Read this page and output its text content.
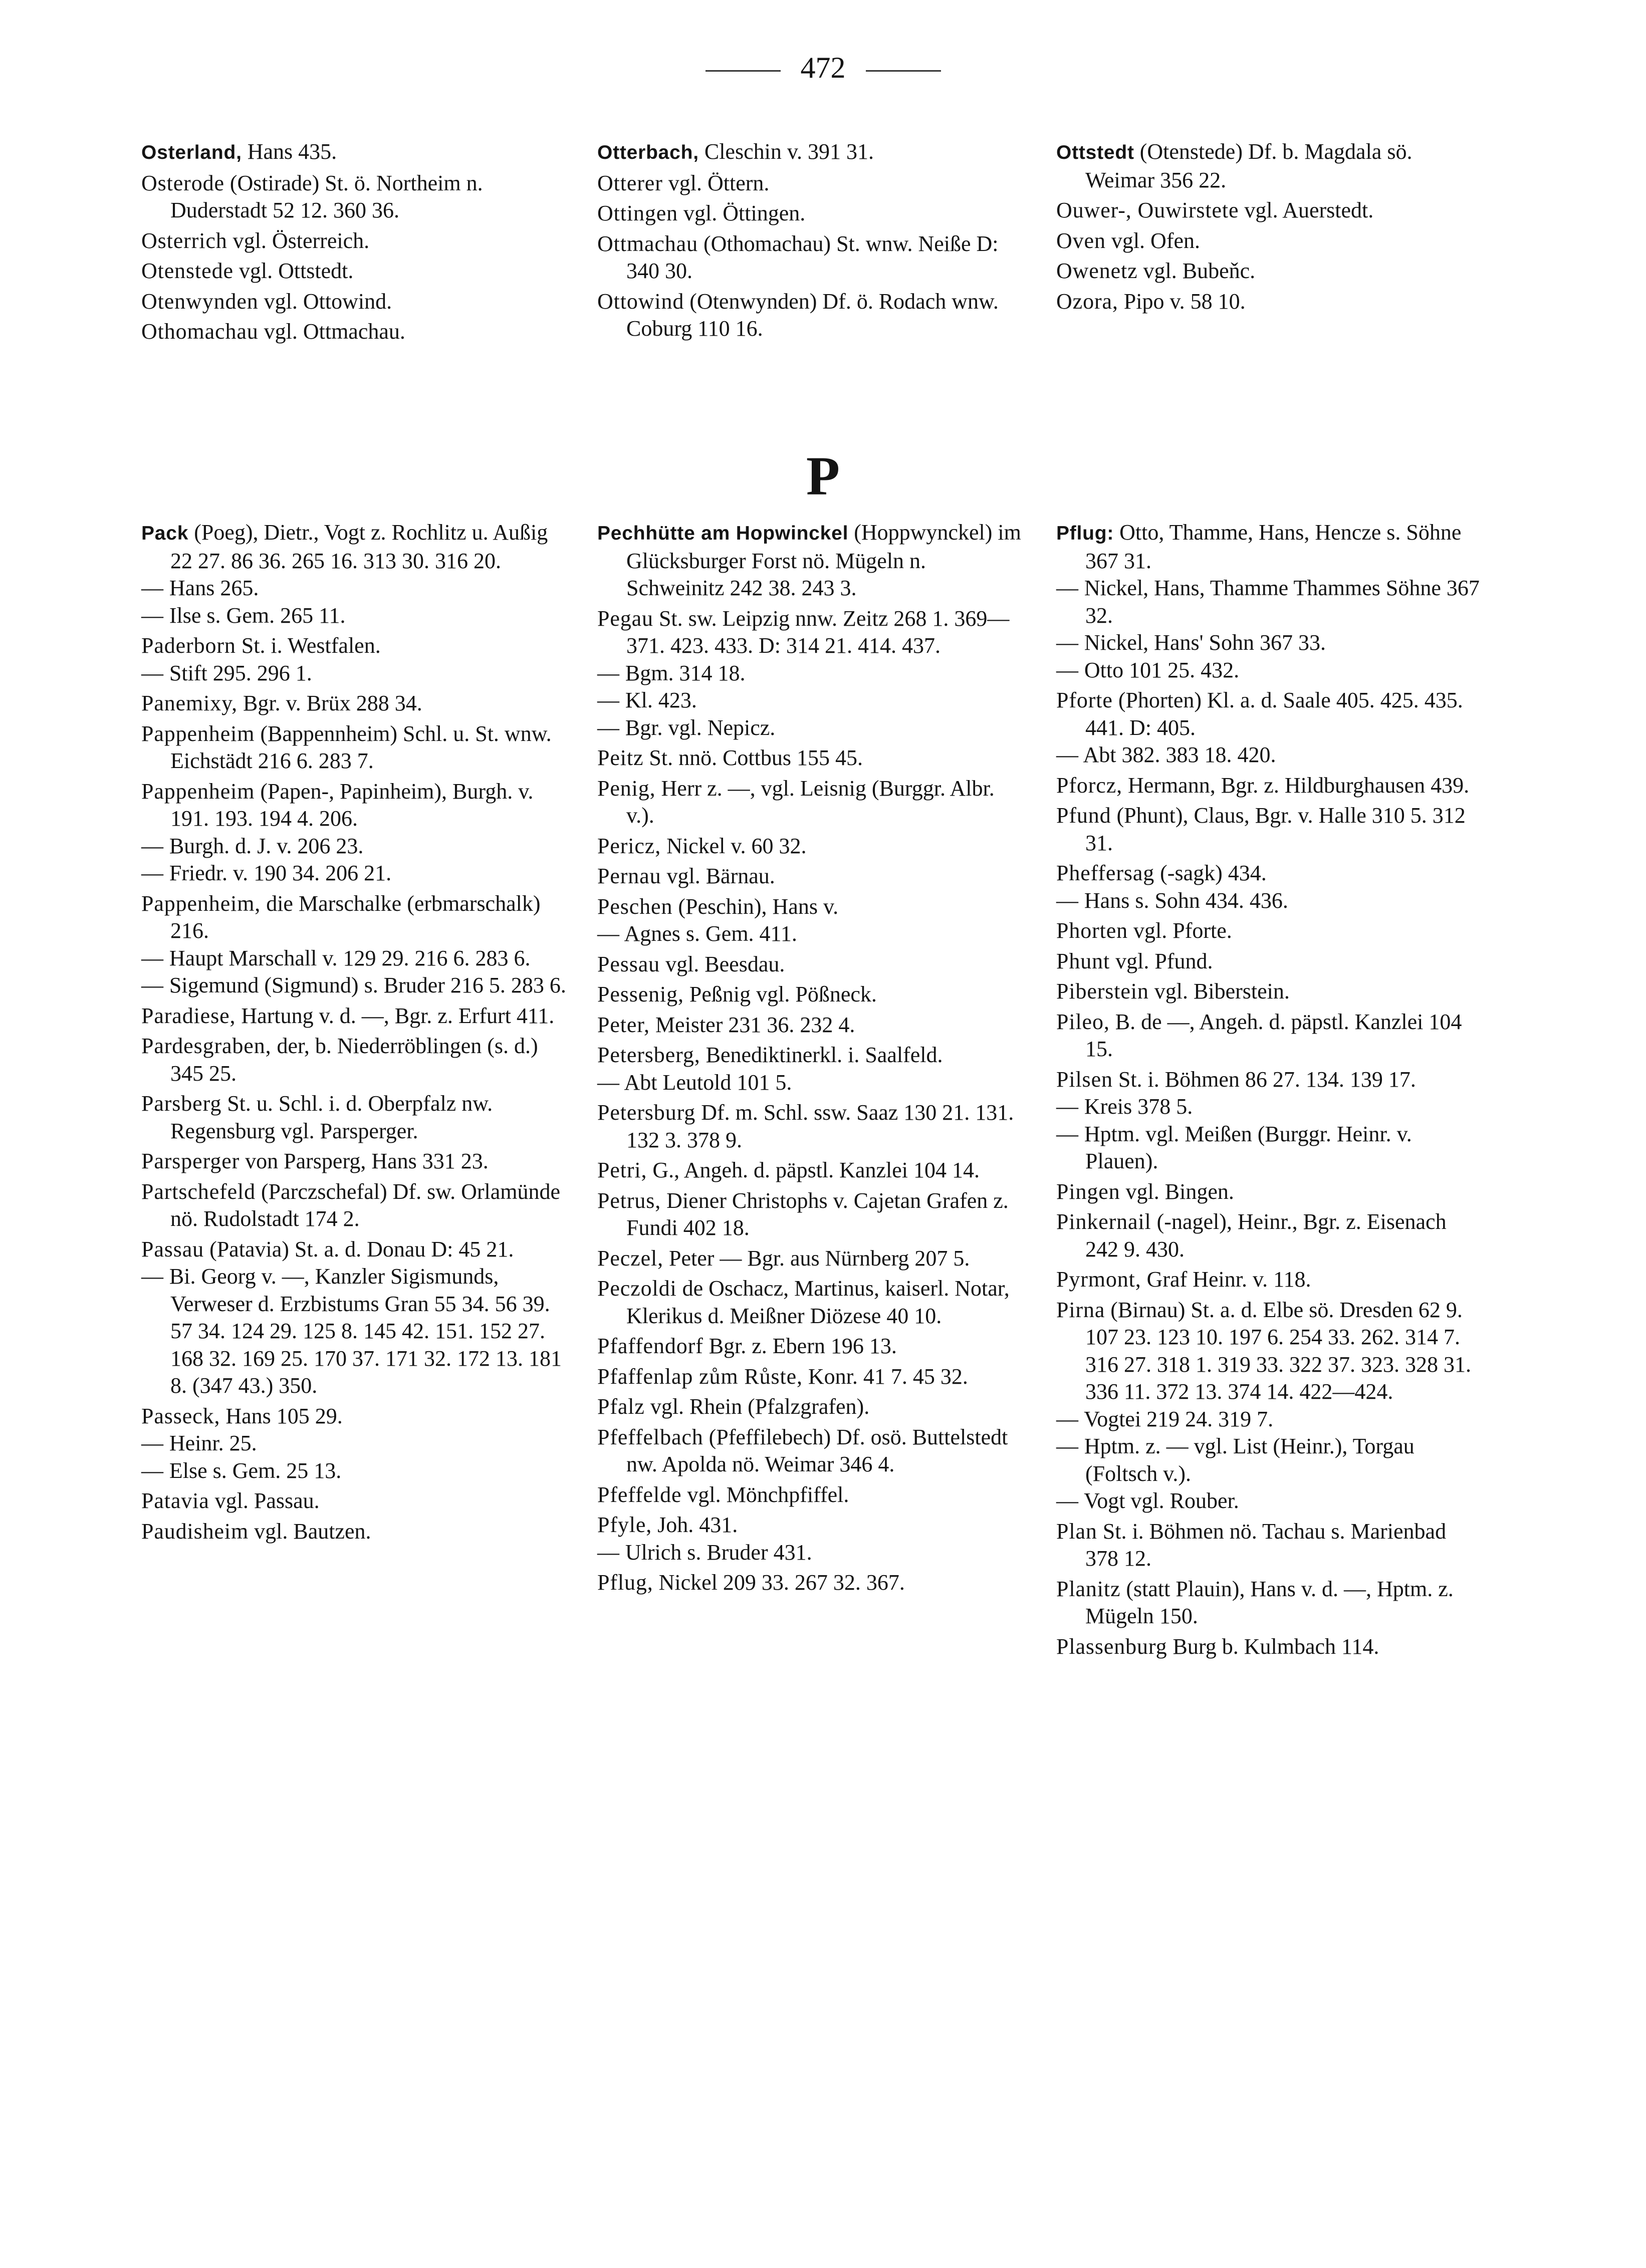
472
Osterland, Hans 435.
Osterode (Ostirade) St. ö. Northeim n. Duderstadt 52 12. 360 36.
Osterrich vgl. Österreich.
Otenstede vgl. Ottstedt.
Otenwynden vgl. Ottowind.
Othomachau vgl. Ottmachau.
Otterbach, Cleschin v. 391 31.
Otterer vgl. Öttern.
Ottingen vgl. Öttingen.
Ottmachau (Othomachau) St. wnw. Neiße D: 340 30.
Ottowind (Otenwynden) Df. ö. Rodach wnw. Coburg 110 16.
Ottstedt (Otenstede) Df. b. Magdala sö. Weimar 356 22.
Ouwer-, Ouwirstete vgl. Auerstedt.
Oven vgl. Ofen.
Owenetz vgl. Bubeňc.
Ozora, Pipo v. 58 10.
P
Pack (Poeg), Dietr., Vogt z. Rochlitz u. Außig 22 27. 86 36. 265 16. 313 30. 316 20.
— Hans 265.
— Ilse s. Gem. 265 11.
Paderborn St. i. Westfalen.
— Stift 295. 296 1.
Panemixy, Bgr. v. Brüx 288 34.
Pappenheim (Bappennheim) Schl. u. St. wnw. Eichstädt 216 6. 283 7.
Pappenheim (Papen-, Papinheim), Burgh. v. 191. 193. 194 4. 206.
— Burgh. d. J. v. 206 23.
— Friedr. v. 190 34. 206 21.
Pappenheim, die Marschalke (erbmarschalk) 216.
— Haupt Marschall v. 129 29. 216 6. 283 6.
— Sigemund (Sigmund) s. Bruder 216 5. 283 6.
Paradiese, Hartung v. d. —, Bgr. z. Erfurt 411.
Pardesgraben, der, b. Niederröblingen (s. d.) 345 25.
Parsberg St. u. Schl. i. d. Oberpfalz nw. Regensburg vgl. Parsperger.
Parsperger von Parsperg, Hans 331 23.
Partschefeld (Parczschefal) Df. sw. Orlamünde nö. Rudolstadt 174 2.
Passau (Patavia) St. a. d. Donau D: 45 21.
— Bi. Georg v. —, Kanzler Sigismunds, Verweser d. Erzbistums Gran 55 34. 56 39. 57 34. 124 29. 125 8. 145 42. 151. 152 27. 168 32. 169 25. 170 37. 171 32. 172 13. 181 8. (347 43.) 350.
Passeck, Hans 105 29.
— Heinr. 25.
— Else s. Gem. 25 13.
Patavia vgl. Passau.
Paudisheim vgl. Bautzen.
Pechhütte am Hopwinckel (Hoppwynckel) im Glücksburger Forst nö. Mügeln n. Schweinitz 242 38. 243 3.
Pegau St. sw. Leipzig nnw. Zeitz 268 1. 369—371. 423. 433. D: 314 21. 414. 437.
— Bgm. 314 18.
— Kl. 423.
— Bgr. vgl. Nepicz.
Peitz St. nnö. Cottbus 155 45.
Penig, Herr z. —, vgl. Leisnig (Burggr. Albr. v.).
Pericz, Nickel v. 60 32.
Pernau vgl. Bärnau.
Peschen (Peschin), Hans v.
— Agnes s. Gem. 411.
Pessau vgl. Beesdau.
Pessenig, Peßnig vgl. Pößneck.
Peter, Meister 231 36. 232 4.
Petersberg, Benediktinerkl. i. Saalfeld.
— Abt Leutold 101 5.
Petersburg Df. m. Schl. ssw. Saaz 130 21. 131. 132 3. 378 9.
Petri, G., Angeh. d. päpstl. Kanzlei 104 14.
Petrus, Diener Christophs v. Cajetan Grafen z. Fundi 402 18.
Peczel, Peter — Bgr. aus Nürnberg 207 5.
Peczoldi de Oschacz, Martinus, kaiserl. Notar, Klerikus d. Meißner Diözese 40 10.
Pfaffendorf Bgr. z. Ebern 196 13.
Pfaffenlap zům Růste, Konr. 41 7. 45 32.
Pfalz vgl. Rhein (Pfalzgrafen).
Pfeffelbach (Pfeffilebech) Df. osö. Buttelstedt nw. Apolda nö. Weimar 346 4.
Pfeffelde vgl. Mönchpfiffel.
Pfyle, Joh. 431.
— Ulrich s. Bruder 431.
Pflug, Nickel 209 33. 267 32. 367.
Pflug: Otto, Thamme, Hans, Hencze s. Söhne 367 31.
— Nickel, Hans, Thamme Thammes Söhne 367 32.
— Nickel, Hans' Sohn 367 33.
— Otto 101 25. 432.
Pforte (Phorten) Kl. a. d. Saale 405. 425. 435. 441. D: 405.
— Abt 382. 383 18. 420.
Pforcz, Hermann, Bgr. z. Hildburghausen 439.
Pfund (Phunt), Claus, Bgr. v. Halle 310 5. 312 31.
Pheffersag (-sagk) 434.
— Hans s. Sohn 434. 436.
Phorten vgl. Pforte.
Phunt vgl. Pfund.
Piberstein vgl. Biberstein.
Pileo, B. de —, Angeh. d. päpstl. Kanzlei 104 15.
Pilsen St. i. Böhmen 86 27. 134. 139 17.
— Kreis 378 5.
— Hptm. vgl. Meißen (Burggr. Heinr. v. Plauen).
Pingen vgl. Bingen.
Pinkernail (-nagel), Heinr., Bgr. z. Eisenach 242 9. 430.
Pyrmont, Graf Heinr. v. 118.
Pirna (Birnau) St. a. d. Elbe sö. Dresden 62 9. 107 23. 123 10. 197 6. 254 33. 262. 314 7. 316 27. 318 1. 319 33. 322 37. 323. 328 31. 336 11. 372 13. 374 14. 422—424.
— Vogtei 219 24. 319 7.
— Hptm. z. — vgl. List (Heinr.), Torgau (Foltsch v.).
— Vogt vgl. Rouber.
Plan St. i. Böhmen nö. Tachau s. Marienbad 378 12.
Planitz (statt Plauin), Hans v. d. —, Hptm. z. Mügeln 150.
Plassenburg Burg b. Kulmbach 114.
